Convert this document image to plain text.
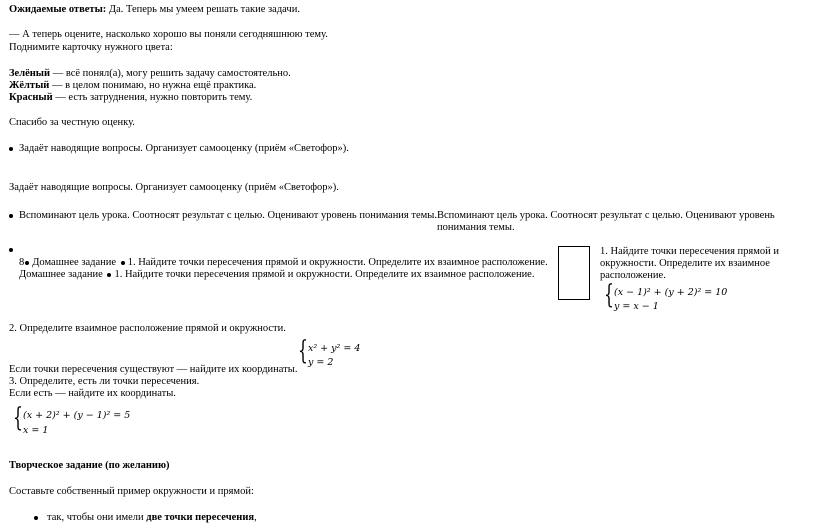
Ожидаемые ответы: Да. Теперь мы умеем решать такие задачи.
— А теперь оцените, насколько хорошо вы поняли сегодняшнюю тему.
Поднимите карточку нужного цвета:
Зелёный — всё понял(а), могу решить задачу самостоятельно.
Жёлтый — в целом понимаю, но нужна ещё практика.
Красный — есть затруднения, нужно повторить тему.
Спасибо за честную оценку.
Задаёт наводящие вопросы. Организует самооценку (приём «Светофор»).
Задаёт наводящие вопросы. Организует самооценку (приём «Светофор»).
Вспоминают цель урока. Соотносят результат с целью. Оценивают уровень понимания темы. Вспоминают цель урока. Соотносят результат с целью. Оценивают уровень
понимания темы.
8 Домашнее задание 1. Найдите точки пересечения прямой и окружности. Определите их взаимное расположение.
Домашнее задание 1. Найдите точки пересечения прямой и окружности. Определите их взаимное расположение.
1. Найдите точки пересечения прямой и
окружности. Определите их взаимное
расположение.
{ (x − 1)² + (y + 2)² = 10
y = x − 1
2. Определите взаимное расположение прямой и окружности.
{ x² + y² = 4
y = 2
Если точки пересечения существуют — найдите их координаты.
3. Определите, есть ли точки пересечения.
Если есть — найдите их координаты.
{ (x + 2)² + (y − 1)² = 5
x = 1
Творческое задание (по желанию)
Составьте собственный пример окружности и прямой:
так, чтобы они имели две точки пересечения,
